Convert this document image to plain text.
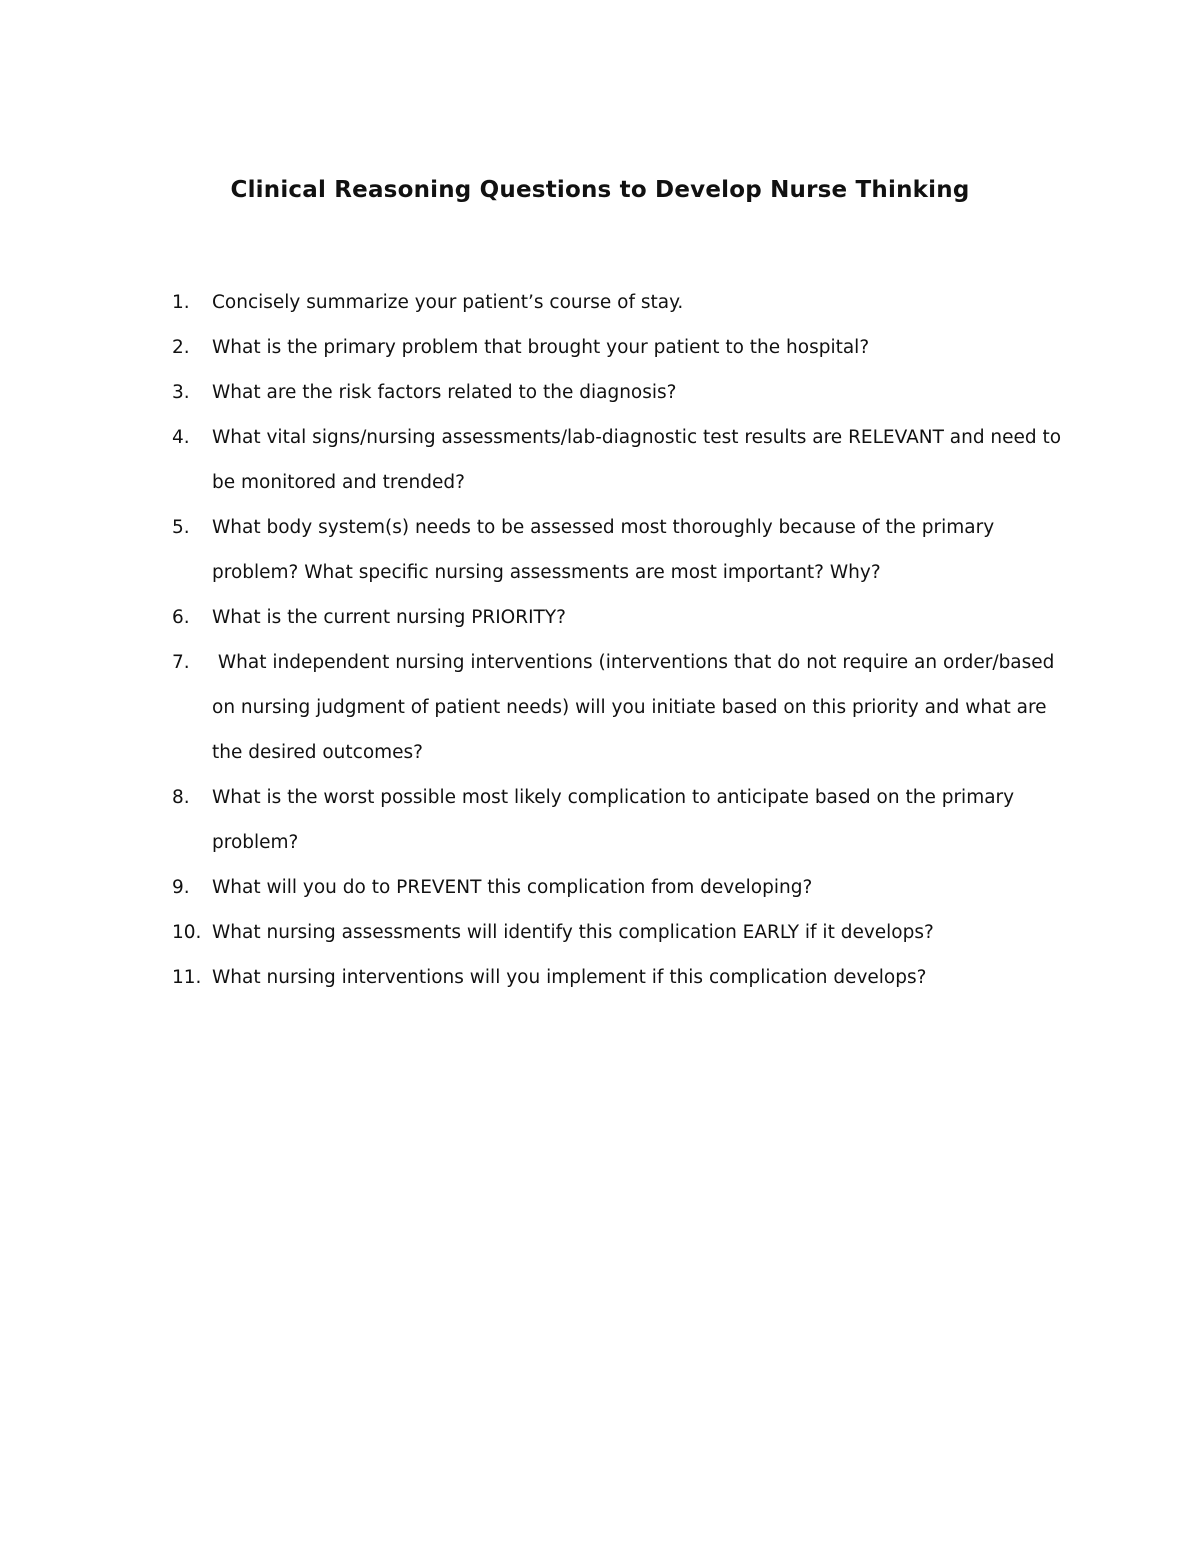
Clinical Reasoning Questions to Develop Nurse Thinking
1.	Concisely summarize your patient’s course of stay.
2.	What is the primary problem that brought your patient to the hospital?
3.	What are the risk factors related to the diagnosis?
4.	What vital signs/nursing assessments/lab-diagnostic test results are RELEVANT and need to be monitored and trended?
5.	What body system(s) needs to be assessed most thoroughly because of the primary problem? What specific nursing assessments are most important? Why?
6.	What is the current nursing PRIORITY?
7.	What independent nursing interventions (interventions that do not require an order/based on nursing judgment of patient needs) will you initiate based on this priority and what are the desired outcomes?
8.	What is the worst possible most likely complication to anticipate based on the primary problem?
9.	What will you do to PREVENT this complication from developing?
10. What nursing assessments will identify this complication EARLY if it develops?
11. What nursing interventions will you implement if this complication develops?
